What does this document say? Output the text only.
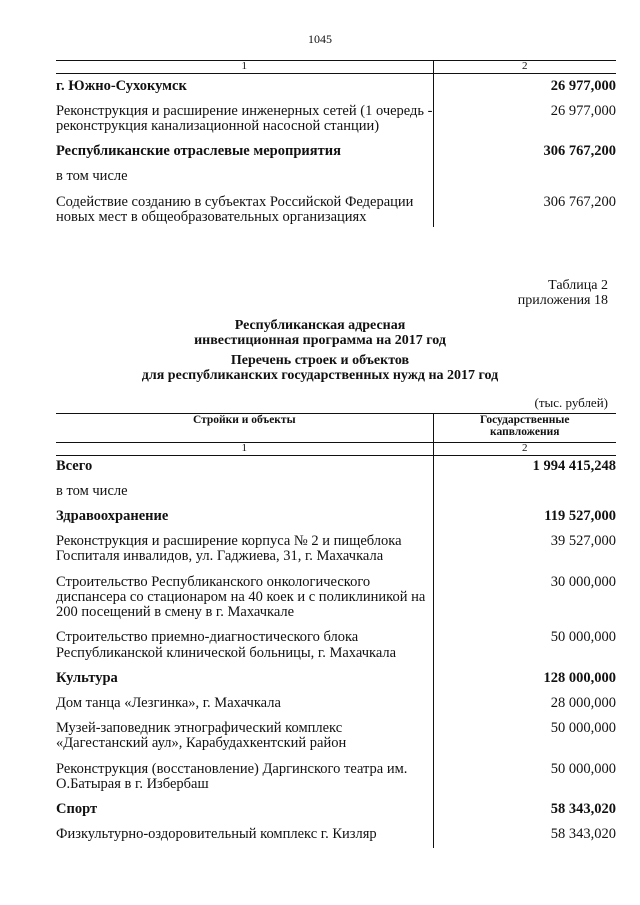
1045
1	2
г. Южно-Сухокумск	26 977,000

Реконструкция и расширение инженерных сетей (1 очередь - реконструкция канализационной насосной станции)	26 977,000

Республиканские отраслевые мероприятия	306 767,200

в том числе	

Содействие созданию в субъектах Российской Федерации новых мест в общеобразовательных организациях	306 767,200
Таблица 2
приложения 18
Республиканская адресная
инвестиционная программа на 2017 год
Перечень строек и объектов
для республиканских государственных нужд на 2017 год
(тыс. рублей)
Стройки и объекты	Государственные капвложения
1	2
Всего	1 994 415,248

в том числе	

Здравоохранение	119 527,000

Реконструкция и расширение корпуса № 2 и пищеблока Госпиталя инвалидов, ул. Гаджиева, 31, г. Махачкала	39 527,000

Строительство Республиканского онкологического диспансера со стационаром на 40 коек и с поликлиникой на 200 посещений в смену в г. Махачкале	30 000,000

Строительство приемно-диагностического блока Республиканской клинической больницы, г. Махачкала	50 000,000

Культура	128 000,000

Дом танца «Лезгинка», г. Махачкала	28 000,000

Музей-заповедник этнографический комплекс «Дагестанский аул», Карабудахкентский район	50 000,000

Реконструкция (восстановление) Даргинского театра им. О.Батырая в г. Избербаш	50 000,000

Спорт	58 343,020

Физкультурно-оздоровительный комплекс г. Кизляр	58 343,020
